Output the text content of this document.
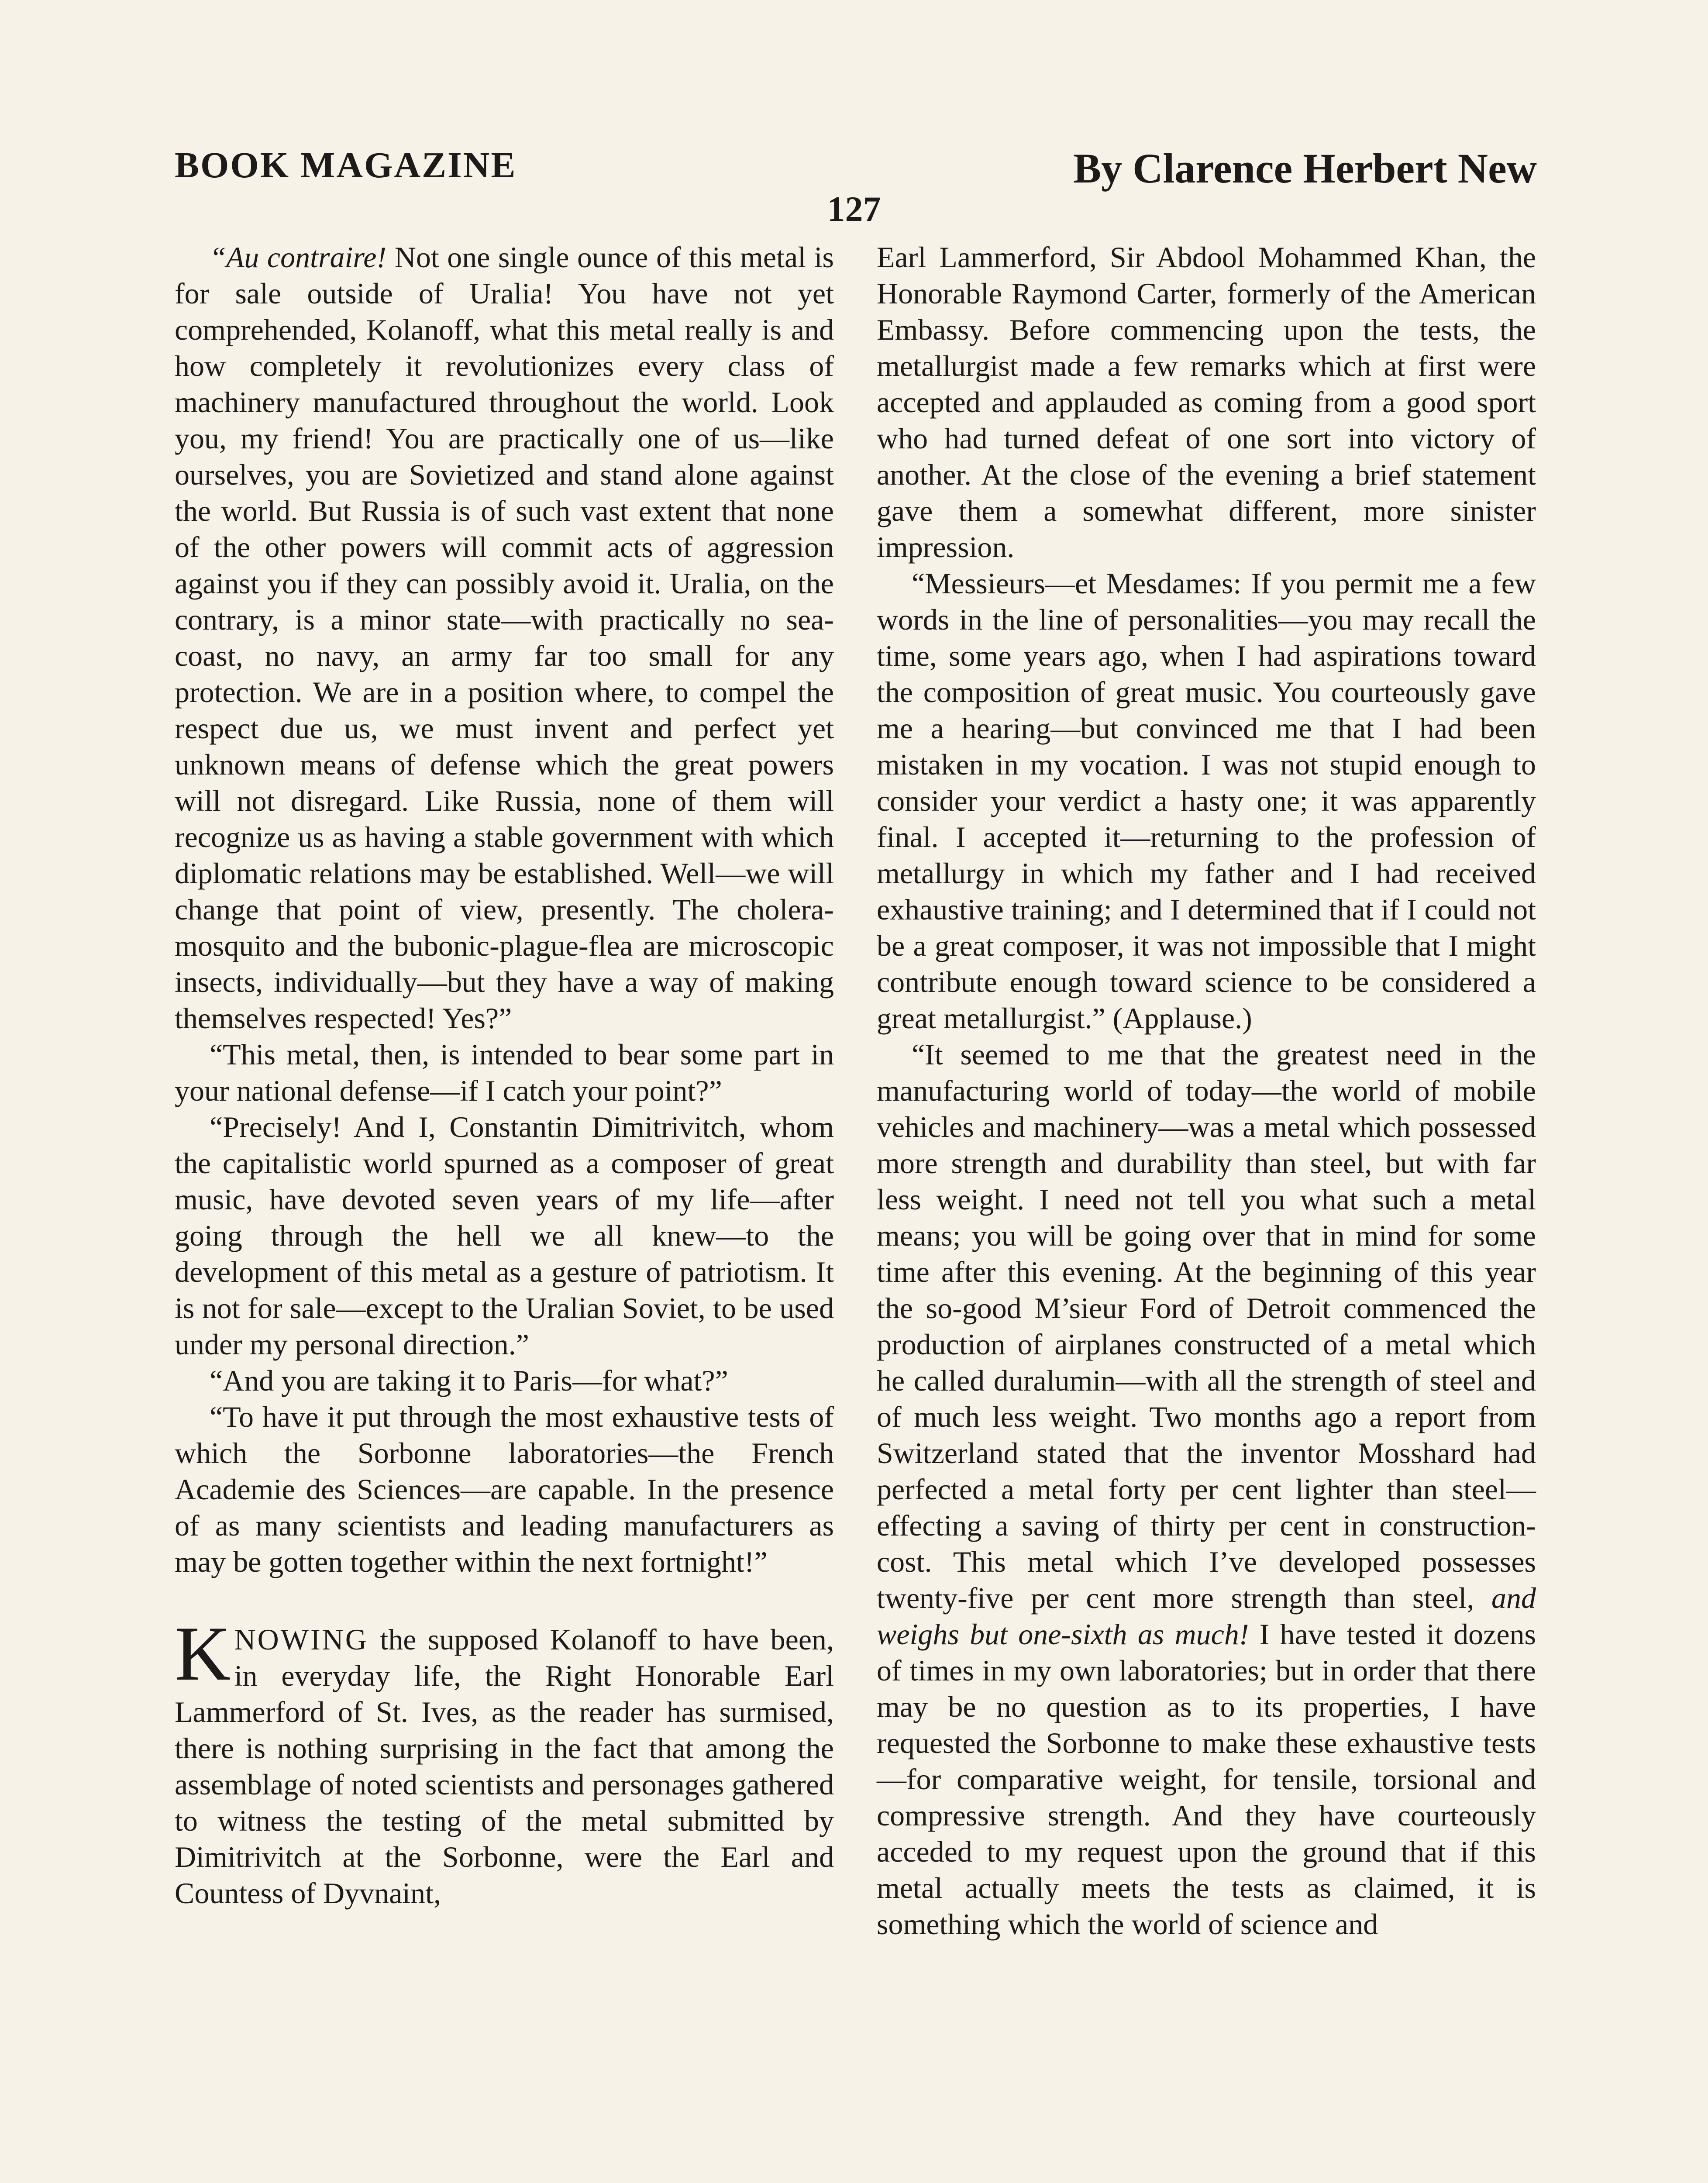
BOOK MAGAZINE	By Clarence Herbert New
127

“Au contraire! Not one single ounce of this metal is for sale outside of Uralia! You have not yet comprehended, Kolanoff, what this metal really is and how completely it revolutionizes every class of machinery manufactured throughout the world. Look you, my friend! You are practically one of us—like ourselves, you are Sovietized and stand alone against the world. But Russia is of such vast extent that none of the other powers will commit acts of aggression against you if they can possibly avoid it. Uralia, on the contrary, is a minor state—with practically no sea-coast, no navy, an army far too small for any protection. We are in a position where, to compel the respect due us, we must invent and perfect yet unknown means of defense which the great powers will not disregard. Like Russia, none of them will recognize us as having a stable government with which diplomatic relations may be established. Well—we will change that point of view, presently. The cholera-mosquito and the bubonic-plague-flea are microscopic insects, individually—but they have a way of making themselves respected! Yes?”

“This metal, then, is intended to bear some part in your national defense—if I catch your point?”

“Precisely! And I, Constantin Dimitrivitch, whom the capitalistic world spurned as a composer of great music, have devoted seven years of my life—after going through the hell we all knew—to the development of this metal as a gesture of patriotism. It is not for sale—except to the Uralian Soviet, to be used under my personal direction.”

“And you are taking it to Paris—for what?”

“To have it put through the most exhaustive tests of which the Sorbonne laboratories—the French Academie des Sciences—are capable. In the presence of as many scientists and leading manufacturers as may be gotten together within the next fortnight!”

KNOWING the supposed Kolanoff to have been, in everyday life, the Right Honorable Earl Lammerford of St. Ives, as the reader has surmised, there is nothing surprising in the fact that among the assemblage of noted scientists and personages gathered to witness the testing of the metal submitted by Dimitrivitch at the Sorbonne, were the Earl and Countess of Dyvnaint,

Earl Lammerford, Sir Abdool Mohammed Khan, the Honorable Raymond Carter, formerly of the American Embassy. Before commencing upon the tests, the metallurgist made a few remarks which at first were accepted and applauded as coming from a good sport who had turned defeat of one sort into victory of another. At the close of the evening a brief statement gave them a somewhat different, more sinister impression.

“Messieurs—et Mesdames: If you permit me a few words in the line of personalities—you may recall the time, some years ago, when I had aspirations toward the composition of great music. You courteously gave me a hearing—but convinced me that I had been mistaken in my vocation. I was not stupid enough to consider your verdict a hasty one; it was apparently final. I accepted it—returning to the profession of metallurgy in which my father and I had received exhaustive training; and I determined that if I could not be a great composer, it was not impossible that I might contribute enough toward science to be considered a great metallurgist.” (Applause.)

“It seemed to me that the greatest need in the manufacturing world of today—the world of mobile vehicles and machinery—was a metal which possessed more strength and durability than steel, but with far less weight. I need not tell you what such a metal means; you will be going over that in mind for some time after this evening. At the beginning of this year the so-good M’sieur Ford of Detroit commenced the production of airplanes constructed of a metal which he called duralumin—with all the strength of steel and of much less weight. Two months ago a report from Switzerland stated that the inventor Mosshard had perfected a metal forty per cent lighter than steel—effecting a saving of thirty per cent in construction-cost. This metal which I’ve developed possesses twenty-five per cent more strength than steel, and weighs but one-sixth as much! I have tested it dozens of times in my own laboratories; but in order that there may be no question as to its properties, I have requested the Sorbonne to make these exhaustive tests—for comparative weight, for tensile, torsional and compressive strength. And they have courteously acceded to my request upon the ground that if this metal actually meets the tests as claimed, it is something which the world of science and
